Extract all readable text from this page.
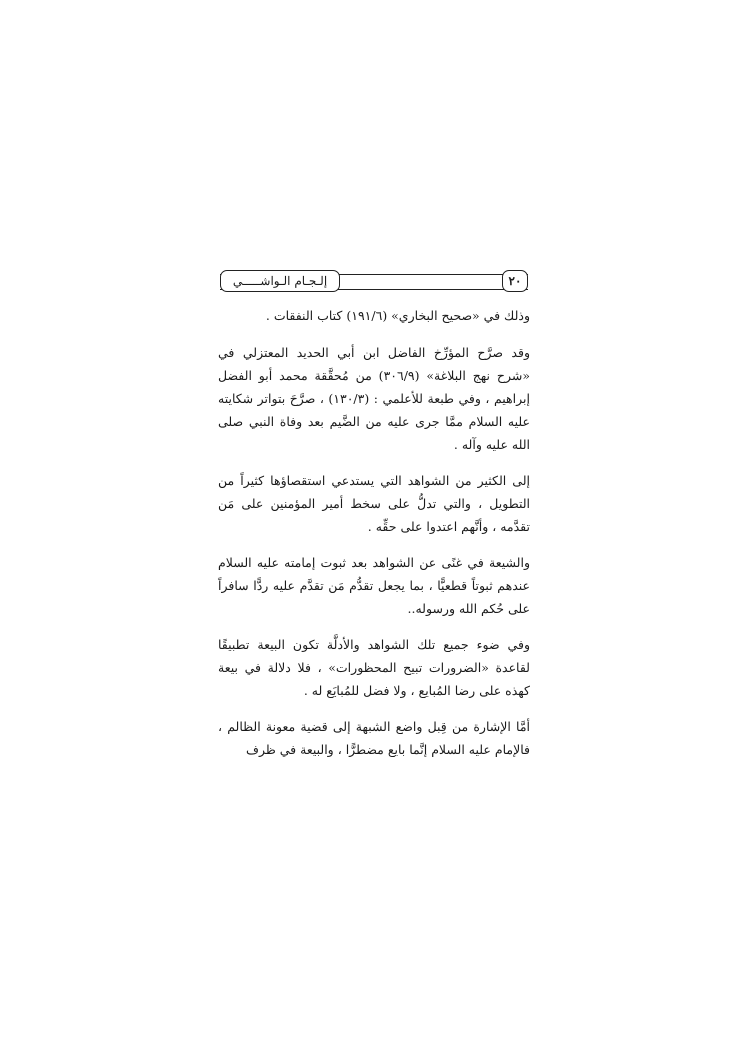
إلـجـام الـواشـــــي	٢٠

وذلك في «صحيح البخاري» (١٩١/٦) كتاب النفقات .

وقد صرَّح المؤرِّخ الفاضل ابن أبي الحديد المعتزلي في «شرح نهج البلاغة» (٣٠٦/٩) من مُحقَّقة محمد أبو الفضل إبراهيم ، وفي طبعة للأعلمي : (١٣٠/٣) ، صرَّحَ بتواتر شكايته عليه السلام ممَّا جرى عليه من الضَّيم بعد وفاة النبي صلى الله عليه وآله .

إلى الكثير من الشواهد التي يستدعي استقصاؤها كثيراً من التطويل ، والتي تدلُّ على سخط أمير المؤمنين على مَن تقدَّمه ، وأنَّهم اعتدوا على حقِّه .

والشيعة في غنًى عن الشواهد بعد ثبوت إمامته عليه السلام عندهم ثبوتاً قطعيًّا ، بما يجعل تقدُّم مَن تقدَّم عليه ردًّا سافراً على حُكم الله ورسوله..

وفي ضوء جميع تلك الشواهد والأدلَّة تكون البيعة تطبيقًا لقاعدة «الضرورات تبيح المحظورات» ، فلا دلالة في بيعة كهذه على رضا المُبايع ، ولا فضل للمُبايَع له .

أمَّا الإشارة من قِبل واضع الشبهة إلى قضية معونة الظالم ، فالإمام عليه السلام إنَّما بايع مضطرًّا ، والبيعة في ظرف
